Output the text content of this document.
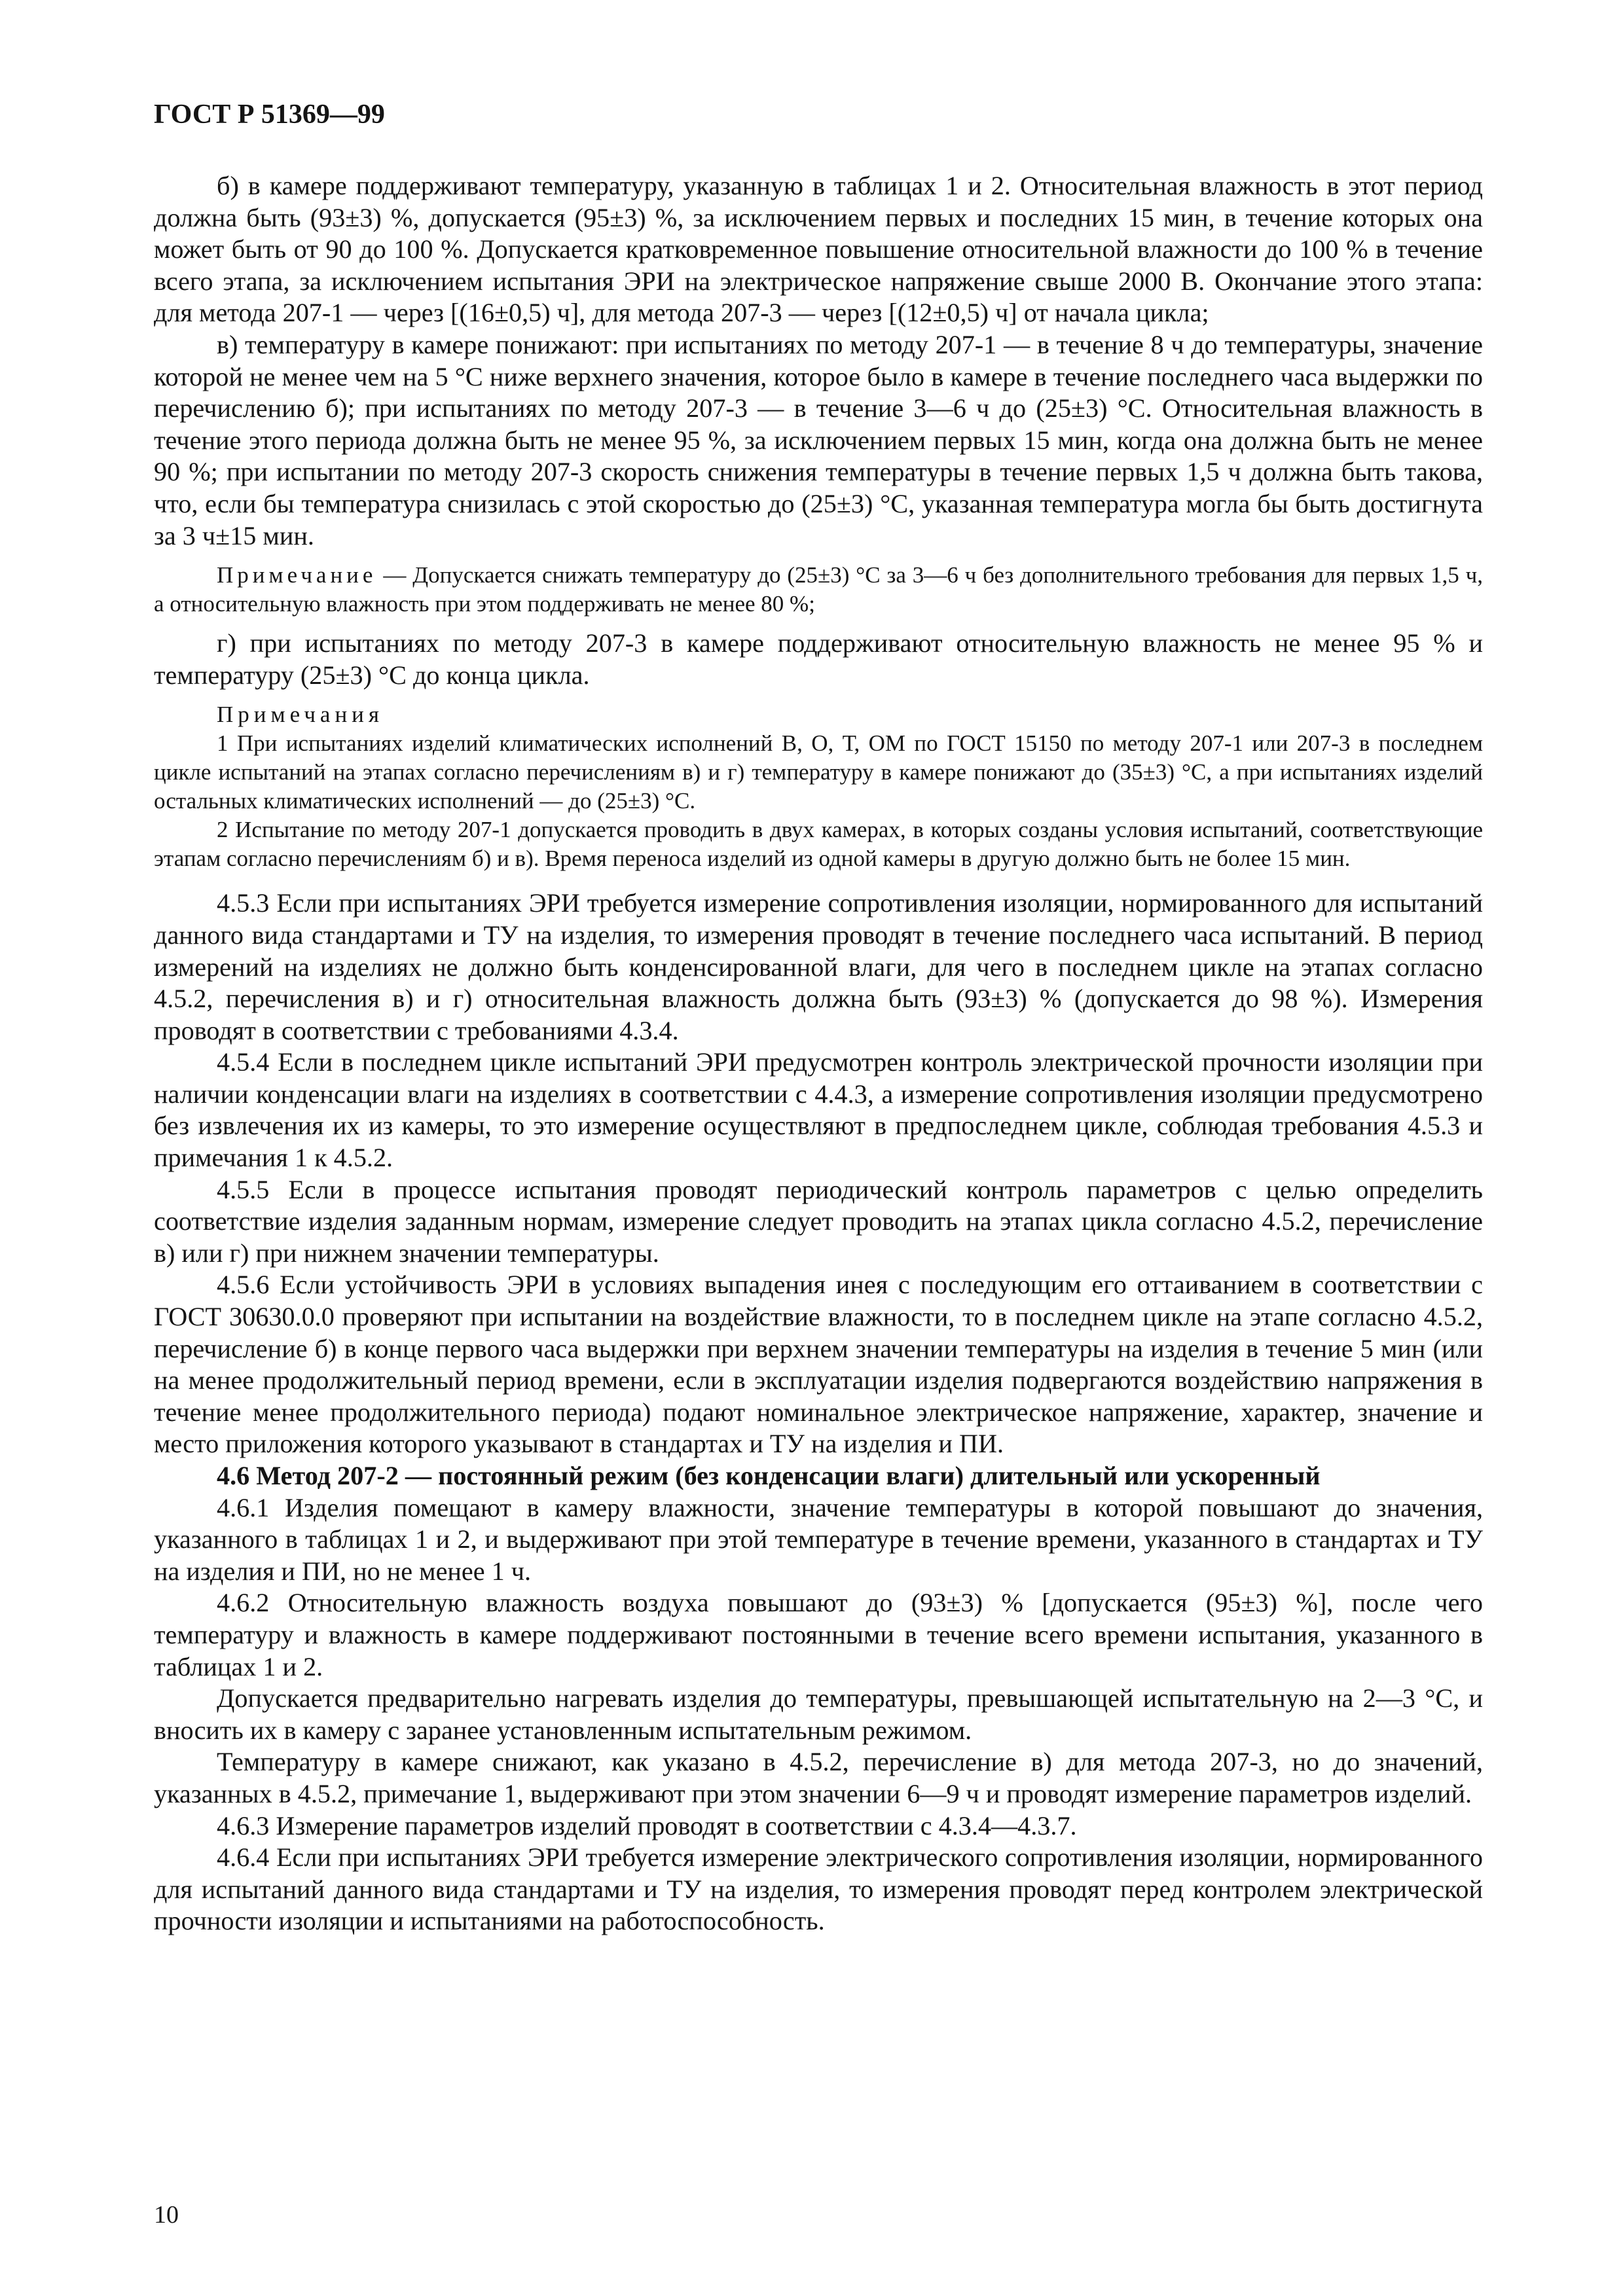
ГОСТ Р 51369—99

б) в камере поддерживают температуру, указанную в таблицах 1 и 2. Относительная влажность в этот период должна быть (93±3) %, допускается (95±3) %, за исключением первых и последних 15 мин, в течение которых она может быть от 90 до 100 %. Допускается кратковременное повышение относительной влажности до 100 % в течение всего этапа, за исключением испытания ЭРИ на электрическое напряжение свыше 2000 В. Окончание этого этапа: для метода 207-1 — через [(16±0,5) ч], для метода 207-3 — через [(12±0,5) ч] от начала цикла;

в) температуру в камере понижают: при испытаниях по методу 207-1 — в течение 8 ч до температуры, значение которой не менее чем на 5 °С ниже верхнего значения, которое было в камере в течение последнего часа выдержки по перечислению б); при испытаниях по методу 207-3 — в течение 3—6 ч до (25±3) °С. Относительная влажность в течение этого периода должна быть не менее 95 %, за исключением первых 15 мин, когда она должна быть не менее 90 %; при испытании по методу 207-3 скорость снижения температуры в течение первых 1,5 ч должна быть такова, что, если бы температура снизилась с этой скоростью до (25±3) °С, указанная температура могла бы быть достигнута за 3 ч±15 мин.

Примечание — Допускается снижать температуру до (25±3) °С за 3—6 ч без дополнительного требования для первых 1,5 ч, а относительную влажность при этом поддерживать не менее 80 %;

г) при испытаниях по методу 207-3 в камере поддерживают относительную влажность не менее 95 % и температуру (25±3) °С до конца цикла.

Примечания

1 При испытаниях изделий климатических исполнений В, О, Т, ОМ по ГОСТ 15150 по методу 207-1 или 207-3 в последнем цикле испытаний на этапах согласно перечислениям в) и г) температуру в камере понижают до (35±3) °С, а при испытаниях изделий остальных климатических исполнений — до (25±3) °С.

2 Испытание по методу 207-1 допускается проводить в двух камерах, в которых созданы условия испытаний, соответствующие этапам согласно перечислениям б) и в). Время переноса изделий из одной камеры в другую должно быть не более 15 мин.

4.5.3 Если при испытаниях ЭРИ требуется измерение сопротивления изоляции, нормированного для испытаний данного вида стандартами и ТУ на изделия, то измерения проводят в течение последнего часа испытаний. В период измерений на изделиях не должно быть конденсированной влаги, для чего в последнем цикле на этапах согласно 4.5.2, перечисления в) и г) относительная влажность должна быть (93±3) % (допускается до 98 %). Измерения проводят в соответствии с требованиями 4.3.4.

4.5.4 Если в последнем цикле испытаний ЭРИ предусмотрен контроль электрической прочности изоляции при наличии конденсации влаги на изделиях в соответствии с 4.4.3, а измерение сопротивления изоляции предусмотрено без извлечения их из камеры, то это измерение осуществляют в предпоследнем цикле, соблюдая требования 4.5.3 и примечания 1 к 4.5.2.

4.5.5 Если в процессе испытания проводят периодический контроль параметров с целью определить соответствие изделия заданным нормам, измерение следует проводить на этапах цикла согласно 4.5.2, перечисление в) или г) при нижнем значении температуры.

4.5.6 Если устойчивость ЭРИ в условиях выпадения инея с последующим его оттаиванием в соответствии с ГОСТ 30630.0.0 проверяют при испытании на воздействие влажности, то в последнем цикле на этапе согласно 4.5.2, перечисление б) в конце первого часа выдержки при верхнем значении температуры на изделия в течение 5 мин (или на менее продолжительный период времени, если в эксплуатации изделия подвергаются воздействию напряжения в течение менее продолжительного периода) подают номинальное электрическое напряжение, характер, значение и место приложения которого указывают в стандартах и ТУ на изделия и ПИ.

4.6 Метод 207-2 — постоянный режим (без конденсации влаги) длительный или ускоренный

4.6.1 Изделия помещают в камеру влажности, значение температуры в которой повышают до значения, указанного в таблицах 1 и 2, и выдерживают при этой температуре в течение времени, указанного в стандартах и ТУ на изделия и ПИ, но не менее 1 ч.

4.6.2 Относительную влажность воздуха повышают до (93±3) % [допускается (95±3) %], после чего температуру и влажность в камере поддерживают постоянными в течение всего времени испытания, указанного в таблицах 1 и 2.

Допускается предварительно нагревать изделия до температуры, превышающей испытательную на 2—3 °С, и вносить их в камеру с заранее установленным испытательным режимом.

Температуру в камере снижают, как указано в 4.5.2, перечисление в) для метода 207-3, но до значений, указанных в 4.5.2, примечание 1, выдерживают при этом значении 6—9 ч и проводят измерение параметров изделий.

4.6.3 Измерение параметров изделий проводят в соответствии с 4.3.4—4.3.7.

4.6.4 Если при испытаниях ЭРИ требуется измерение электрического сопротивления изоляции, нормированного для испытаний данного вида стандартами и ТУ на изделия, то измерения проводят перед контролем электрической прочности изоляции и испытаниями на работоспособность.

10
